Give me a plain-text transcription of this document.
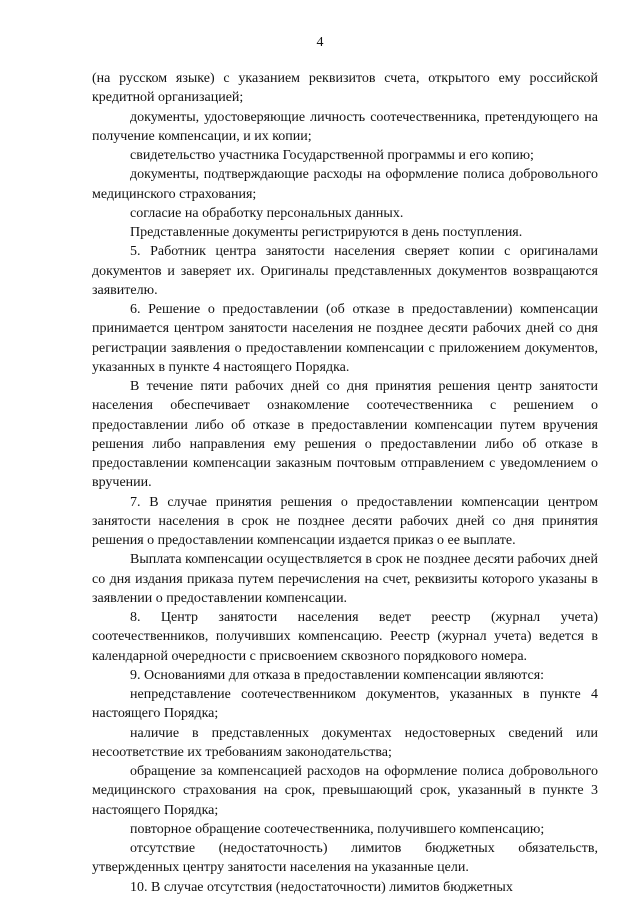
4

(на русском языке) с указанием реквизитов счета, открытого ему российской кредитной организацией;

документы, удостоверяющие личность соотечественника, претендующего на получение компенсации, и их копии;

свидетельство участника Государственной программы и его копию;

документы, подтверждающие расходы на оформление полиса добровольного медицинского страхования;

согласие на обработку персональных данных.

Представленные документы регистрируются в день поступления.

5. Работник центра занятости населения сверяет копии с оригиналами документов и заверяет их. Оригиналы представленных документов возвращаются заявителю.

6. Решение о предоставлении (об отказе в предоставлении) компенсации принимается центром занятости населения не позднее десяти рабочих дней со дня регистрации заявления о предоставлении компенсации с приложением документов, указанных в пункте 4 настоящего Порядка.

В течение пяти рабочих дней со дня принятия решения центр занятости населения обеспечивает ознакомление соотечественника с решением о предоставлении либо об отказе в предоставлении компенсации путем вручения решения либо направления ему решения о предоставлении либо об отказе в предоставлении компенсации заказным почтовым отправлением с уведомлением о вручении.

7. В случае принятия решения о предоставлении компенсации центром занятости населения в срок не позднее десяти рабочих дней со дня принятия решения о предоставлении компенсации издается приказ о ее выплате.

Выплата компенсации осуществляется в срок не позднее десяти рабочих дней со дня издания приказа путем перечисления на счет, реквизиты которого указаны в заявлении о предоставлении компенсации.

8. Центр занятости населения ведет реестр (журнал учета) соотечественников, получивших компенсацию. Реестр (журнал учета) ведется в календарной очередности с присвоением сквозного порядкового номера.

9. Основаниями для отказа в предоставлении компенсации являются:

непредставление соотечественником документов, указанных в пункте 4 настоящего Порядка;

наличие в представленных документах недостоверных сведений или несоответствие их требованиям законодательства;

обращение за компенсацией расходов на оформление полиса добровольного медицинского страхования на срок, превышающий срок, указанный в пункте 3 настоящего Порядка;

повторное обращение соотечественника, получившего компенсацию;

отсутствие (недостаточность) лимитов бюджетных обязательств, утвержденных центру занятости населения на указанные цели.

10. В случае отсутствия (недостаточности) лимитов бюджетных
